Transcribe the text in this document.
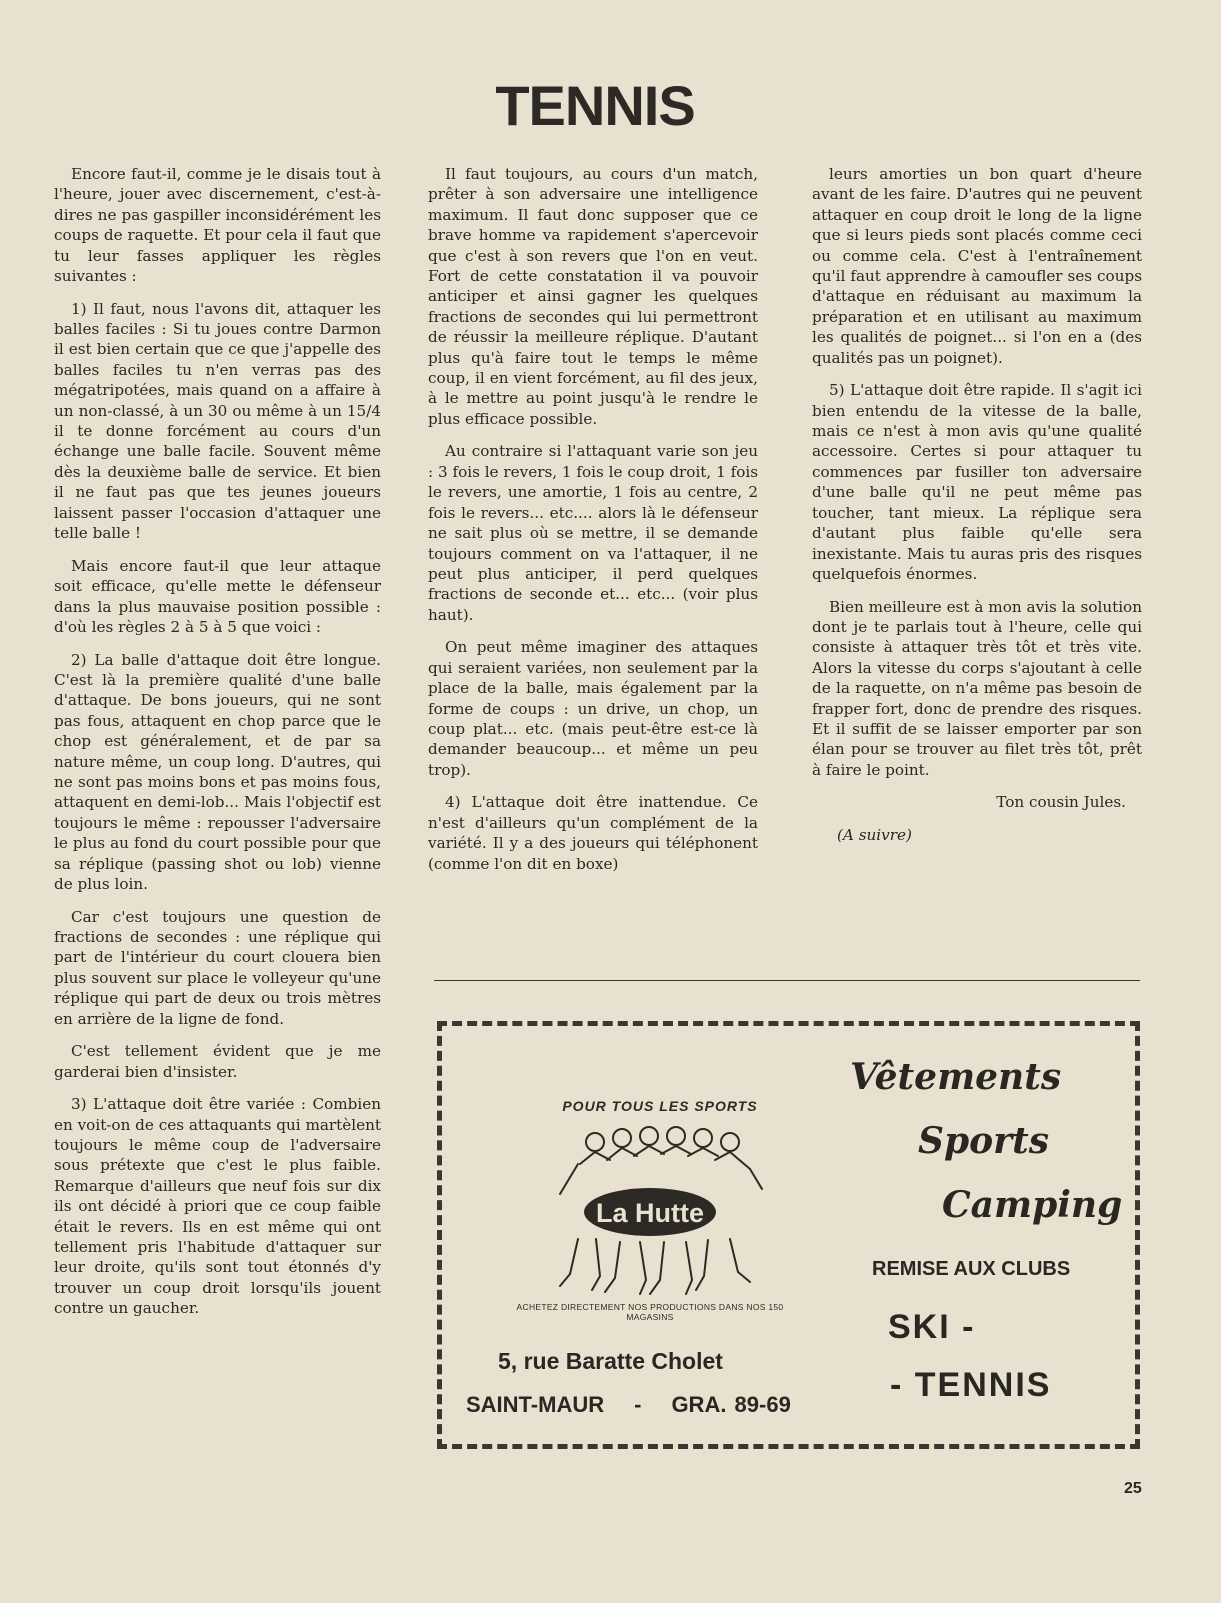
TENNIS

Encore faut-il, comme je le disais tout à l'heure, jouer avec discernement, c'est-à-dires ne pas gaspiller inconsidérément les coups de raquette. Et pour cela il faut que tu leur fasses appliquer les règles suivantes :

1) Il faut, nous l'avons dit, attaquer les balles faciles : Si tu joues contre Darmon il est bien certain que ce que j'appelle des balles faciles tu n'en verras pas des mégatripotées, mais quand on a affaire à un non-classé, à un 30 ou même à un 15/4 il te donne forcément au cours d'un échange une balle facile. Souvent même dès la deuxième balle de service. Et bien il ne faut pas que tes jeunes joueurs laissent passer l'occasion d'attaquer une telle balle !

Mais encore faut-il que leur attaque soit efficace, qu'elle mette le défenseur dans la plus mauvaise position possible : d'où les règles 2 à 5 à 5 que voici :

2) La balle d'attaque doit être longue. C'est là la première qualité d'une balle d'attaque. De bons joueurs, qui ne sont pas fous, attaquent en chop parce que le chop est généralement, et de par sa nature même, un coup long. D'autres, qui ne sont pas moins bons et pas moins fous, attaquent en demi-lob... Mais l'objectif est toujours le même : repousser l'adversaire le plus au fond du court possible pour que sa réplique (passing shot ou lob) vienne de plus loin.

Car c'est toujours une question de fractions de secondes : une réplique qui part de l'intérieur du court clouera bien plus souvent sur place le volleyeur qu'une réplique qui part de deux ou trois mètres en arrière de la ligne de fond.

C'est tellement évident que je me garderai bien d'insister.

3) L'attaque doit être variée : Combien en voit-on de ces attaquants qui martèlent toujours le même coup de l'adversaire sous prétexte que c'est le plus faible. Remarque d'ailleurs que neuf fois sur dix ils ont décidé à priori que ce coup faible était le revers. Ils en est même qui ont tellement pris l'habitude d'attaquer sur leur droite, qu'ils sont tout étonnés d'y trouver un coup droit lorsqu'ils jouent contre un gaucher.

Il faut toujours, au cours d'un match, prêter à son adversaire une intelligence maximum. Il faut donc supposer que ce brave homme va rapidement s'apercevoir que c'est à son revers que l'on en veut. Fort de cette constatation il va pouvoir anticiper et ainsi gagner les quelques fractions de secondes qui lui permettront de réussir la meilleure réplique. D'autant plus qu'à faire tout le temps le même coup, il en vient forcément, au fil des jeux, à le mettre au point jusqu'à le rendre le plus efficace possible.

Au contraire si l'attaquant varie son jeu : 3 fois le revers, 1 fois le coup droit, 1 fois le revers, une amortie, 1 fois au centre, 2 fois le revers... etc.... alors là le défenseur ne sait plus où se mettre, il se demande toujours comment on va l'attaquer, il ne peut plus anticiper, il perd quelques fractions de seconde et... etc... (voir plus haut).

On peut même imaginer des attaques qui seraient variées, non seulement par la place de la balle, mais également par la forme de coups : un drive, un chop, un coup plat... etc. (mais peut-être est-ce là demander beaucoup... et même un peu trop).

4) L'attaque doit être inattendue. Ce n'est d'ailleurs qu'un complément de la variété. Il y a des joueurs qui téléphonent (comme l'on dit en boxe)

leurs amorties un bon quart d'heure avant de les faire. D'autres qui ne peuvent attaquer en coup droit le long de la ligne que si leurs pieds sont placés comme ceci ou comme cela. C'est à l'entraînement qu'il faut apprendre à camoufler ses coups d'attaque en réduisant au maximum la préparation et en utilisant au maximum les qualités de poignet... si l'on en a (des qualités pas un poignet).

5) L'attaque doit être rapide. Il s'agit ici bien entendu de la vitesse de la balle, mais ce n'est à mon avis qu'une qualité accessoire. Certes si pour attaquer tu commences par fusiller ton adversaire d'une balle qu'il ne peut même pas toucher, tant mieux. La réplique sera d'autant plus faible qu'elle sera inexistante. Mais tu auras pris des risques quelquefois énormes.

Bien meilleure est à mon avis la solution dont je te parlais tout à l'heure, celle qui consiste à attaquer très tôt et très vite. Alors la vitesse du corps s'ajoutant à celle de la raquette, on n'a même pas besoin de frapper fort, donc de prendre des risques. Et il suffit de se laisser emporter par son élan pour se trouver au filet très tôt, prêt à faire le point.

Ton cousin Jules.

(A suivre)

POUR TOUS LES SPORTS
La Hutte
ACHETEZ DIRECTEMENT NOS PRODUCTIONS DANS NOS 150 MAGASINS
5, rue Baratte Cholet
SAINT-MAUR - GRA. 89-69
Vêtements
Sports
Camping
REMISE AUX CLUBS
SKI -
- TENNIS
25
